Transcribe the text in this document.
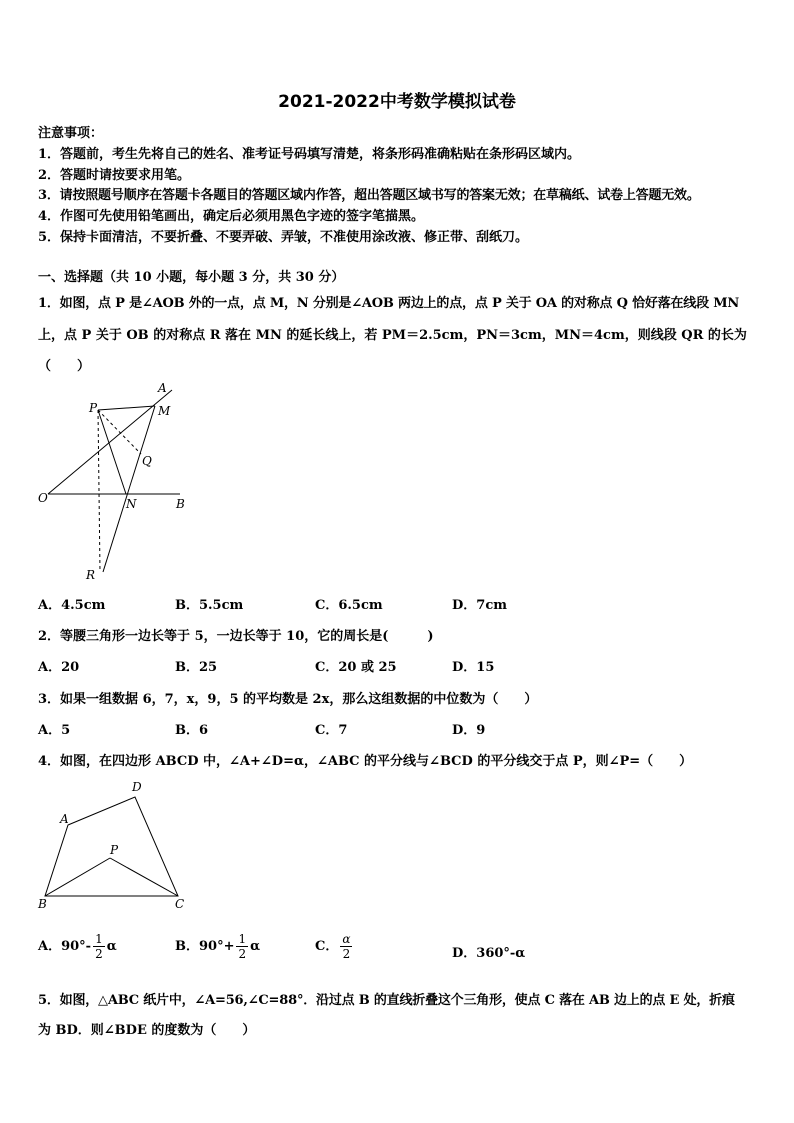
2021-2022中考数学模拟试卷
注意事项：
1．答题前，考生先将自己的姓名、准考证号码填写清楚，将条形码准确粘贴在条形码区域内。
2．答题时请按要求用笔。
3．请按照题号顺序在答题卡各题目的答题区域内作答，超出答题区域书写的答案无效；在草稿纸、试卷上答题无效。
4．作图可先使用铅笔画出，确定后必须用黑色字迹的签字笔描黑。
5．保持卡面清洁，不要折叠、不要弄破、弄皱，不准使用涂改液、修正带、刮纸刀。
一、选择题（共 10 小题，每小题 3 分，共 30 分）
1．如图，点 P 是∠AOB 外的一点，点 M，N 分别是∠AOB 两边上的点，点 P 关于 OA 的对称点 Q 恰好落在线段 MN
上，点 P 关于 OB 的对称点 R 落在 MN 的延长线上，若 PM＝2.5cm，PN＝3cm，MN＝4cm，则线段 QR 的长为
（　　）
A
P	M
Q
O	N	B
R
A．4.5cm	B．5.5cm	C．6.5cm	D．7cm
2．等腰三角形一边长等于 5，一边长等于 10，它的周长是(　　　)
A．20	B．25	C．20 或 25	D．15
3．如果一组数据 6，7，x，9，5 的平均数是 2x，那么这组数据的中位数为（　　）
A．5	B．6	C．7	D．9
4．如图，在四边形 ABCD 中，∠A+∠D=α，∠ABC 的平分线与∠BCD 的平分线交于点 P，则∠P=（　　）
A
D
P
B	C
A．$90^\circ- \frac{1}{2}$ α	B．$90^\circ+ \frac{1}{2}$ α	C． $\frac{\alpha}{2}$	D．360°-α
5．如图，△ABC 纸片中，∠A=56,∠C=88°．沿过点 B 的直线折叠这个三角形，使点 C 落在 AB 边上的点 E 处，折痕
为 BD．则∠BDE 的度数为（　　）
